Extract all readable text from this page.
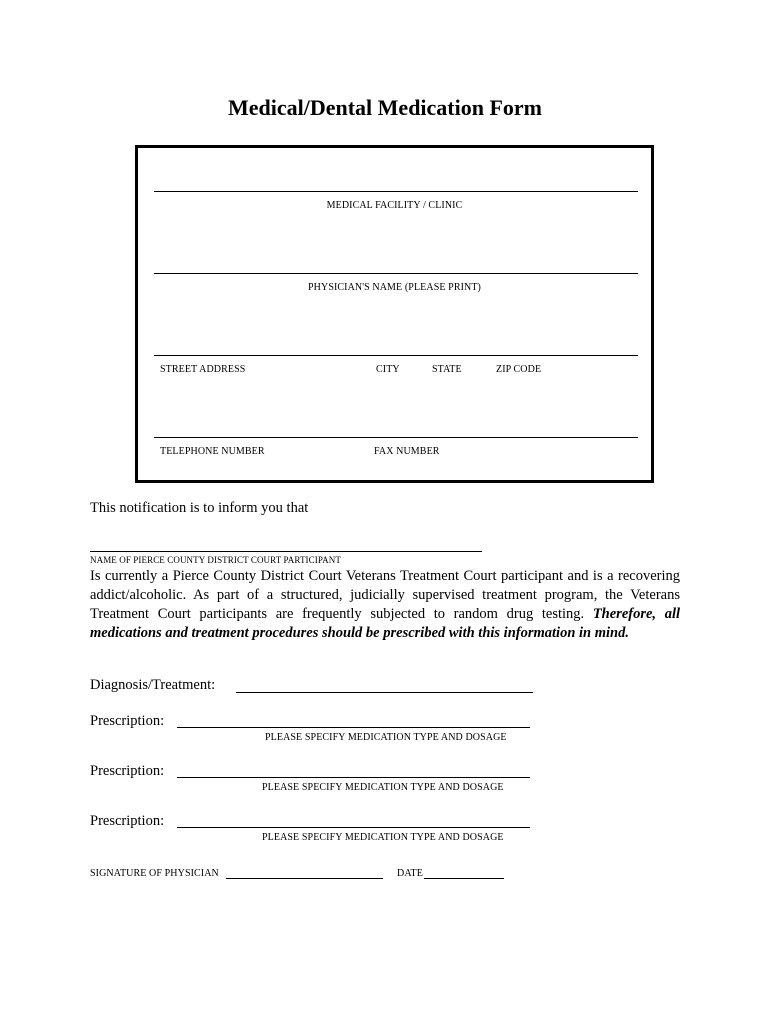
Medical/Dental Medication Form
MEDICAL FACILITY / CLINIC
PHYSICIAN'S NAME (PLEASE PRINT)
STREET ADDRESS	CITY	STATE	ZIP CODE
TELEPHONE NUMBER	FAX NUMBER
This notification is to inform you that
NAME OF PIERCE COUNTY DISTRICT COURT PARTICIPANT
Is currently a Pierce County District Court Veterans Treatment Court participant and is a recovering addict/alcoholic. As part of a structured, judicially supervised treatment program, the Veterans Treatment Court participants are frequently subjected to random drug testing. Therefore, all medications and treatment procedures should be prescribed with this information in mind.
Diagnosis/Treatment:
Prescription:
PLEASE SPECIFY MEDICATION TYPE AND DOSAGE
Prescription:
PLEASE SPECIFY MEDICATION TYPE AND DOSAGE
Prescription:
PLEASE SPECIFY MEDICATION TYPE AND DOSAGE
SIGNATURE OF PHYSICIAN	DATE
